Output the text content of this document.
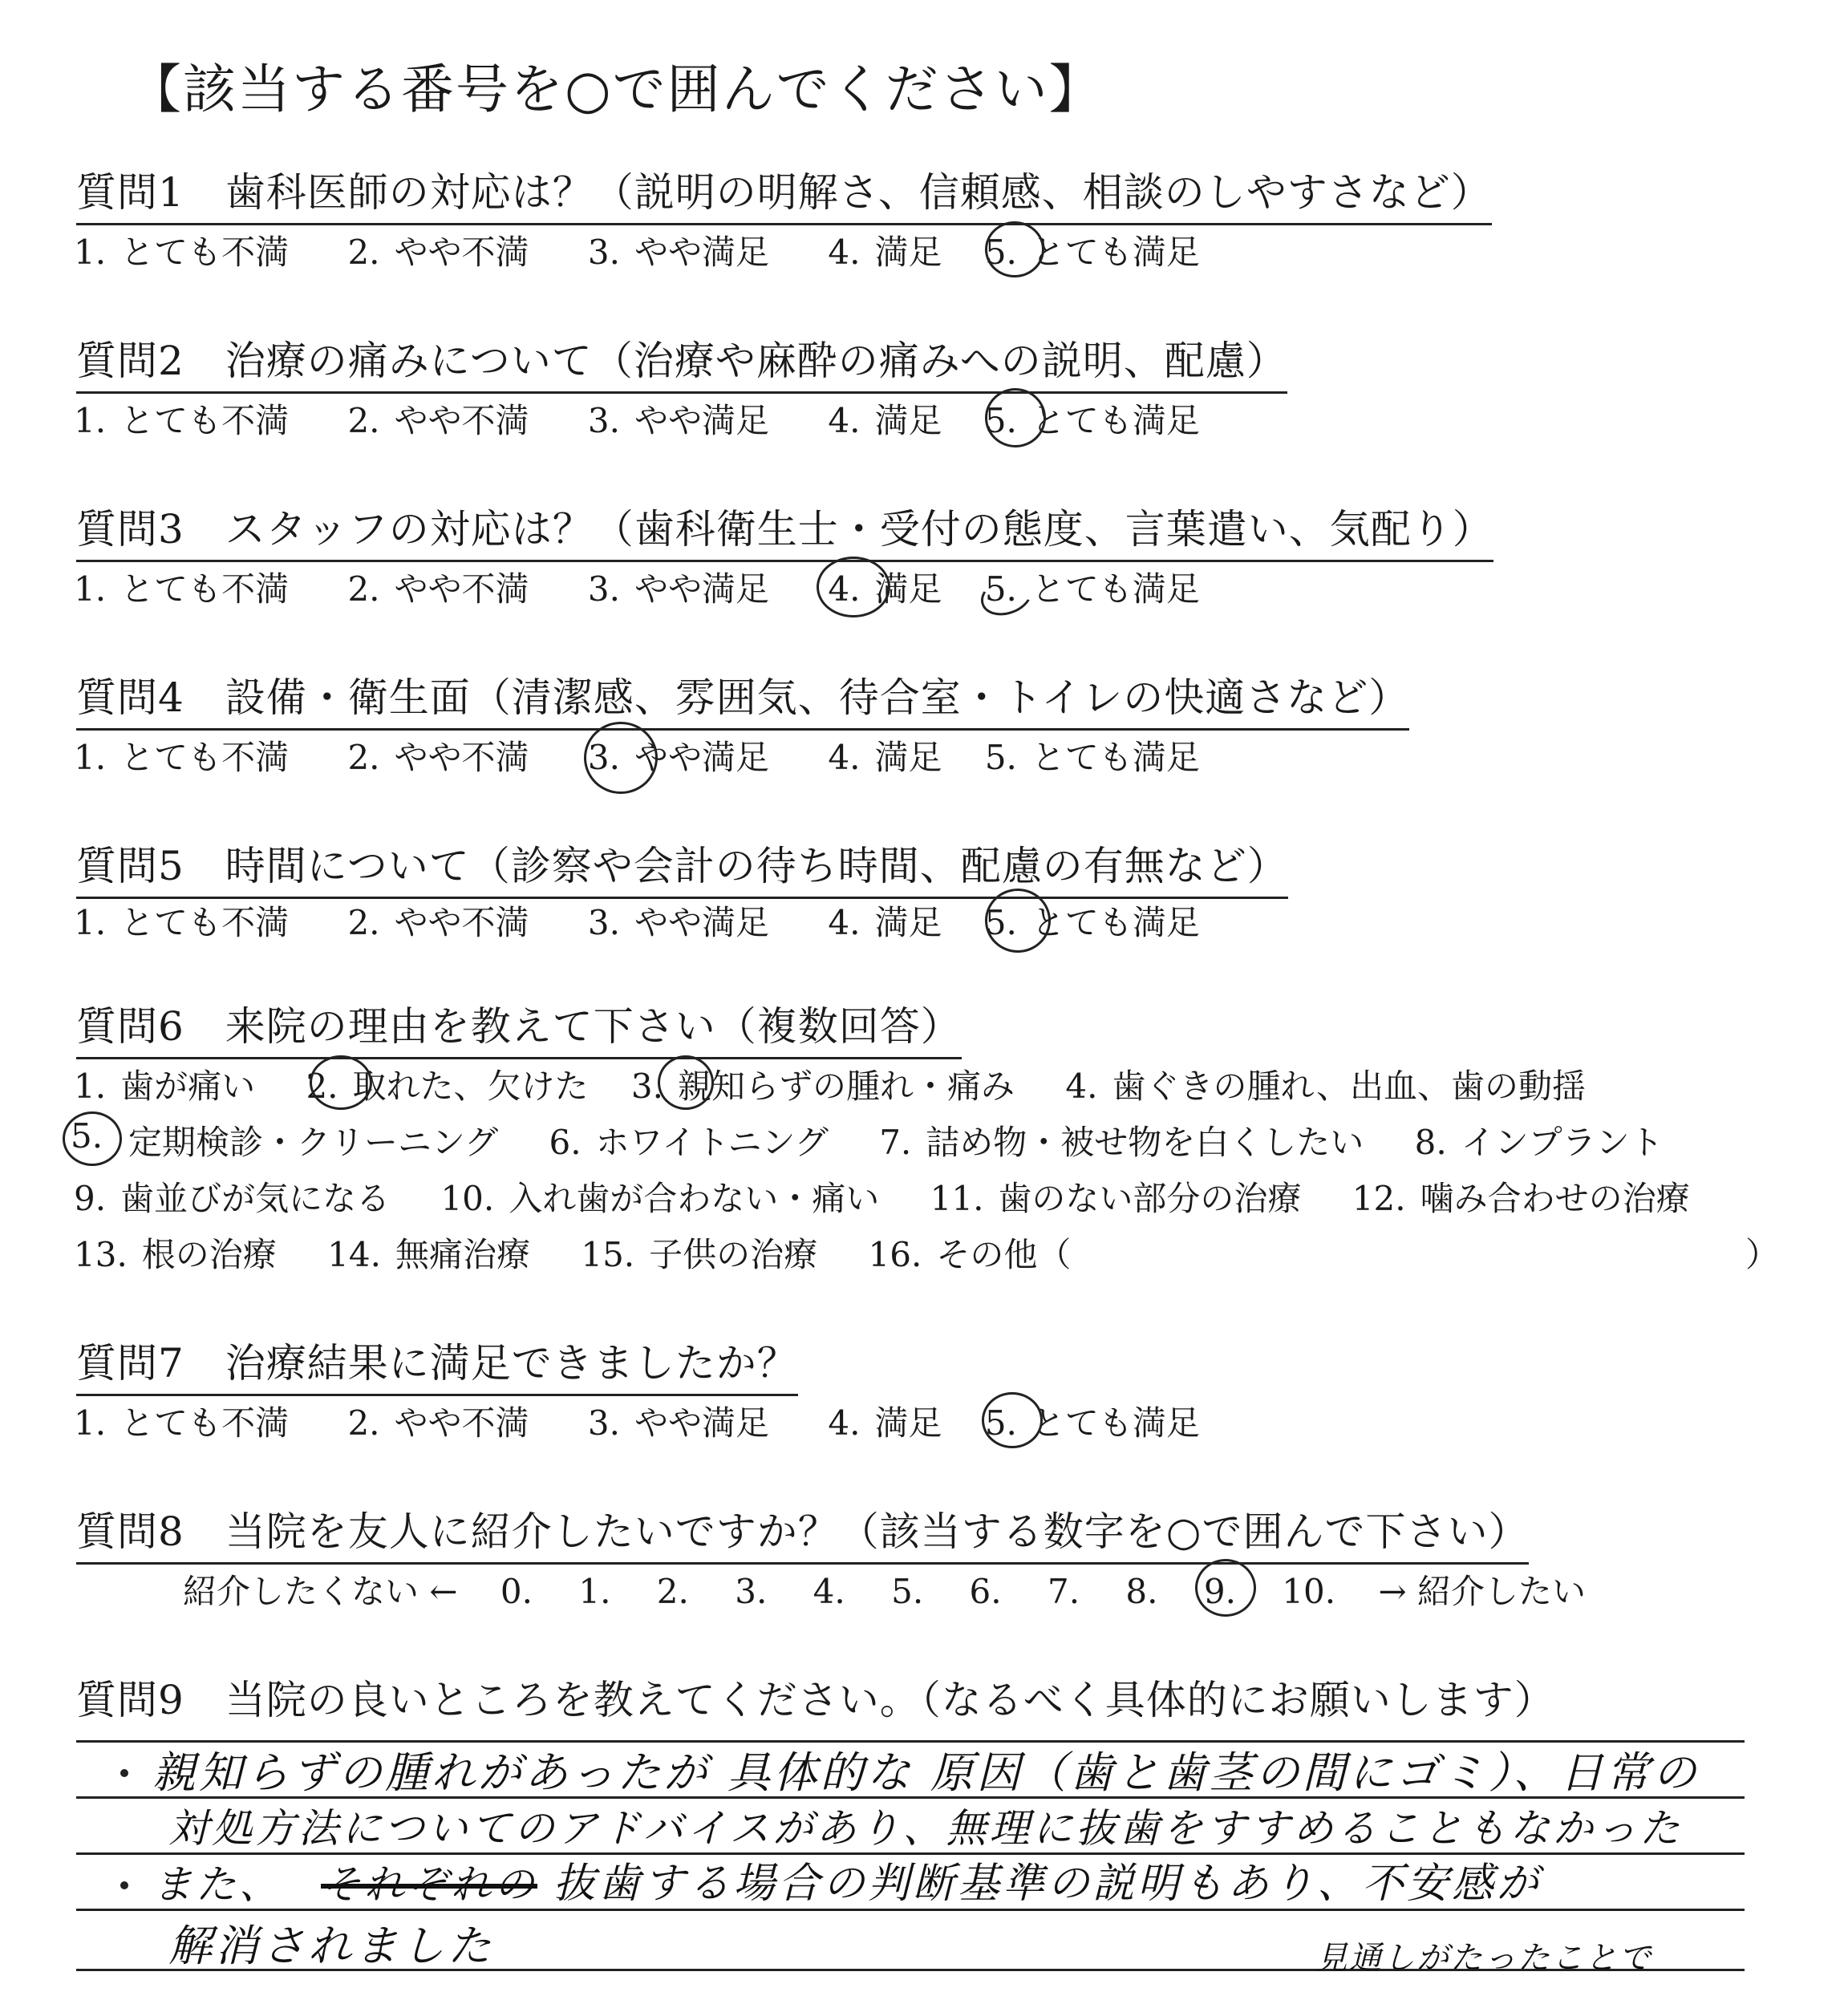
【該当する番号を○で囲んでください】
質問1　歯科医師の対応は？（説明の明解さ、信頼感、相談のしやすさなど）
1. とても不満 2. やや不満 3. やや満足 4. 満足 5. とても満足
質問2　治療の痛みについて（治療や麻酔の痛みへの説明、配慮）
1. とても不満 2. やや不満 3. やや満足 4. 満足 5. とても満足
質問3　スタッフの対応は？（歯科衛生士・受付の態度、言葉遣い、気配り）
1. とても不満 2. やや不満 3. やや満足 4. 満足 5. とても満足
質問4　設備・衛生面（清潔感、雰囲気、待合室・トイレの快適さなど）
1. とても不満 2. やや不満 3. やや満足 4. 満足 5. とても満足
質問5　時間について（診察や会計の待ち時間、配慮の有無など）
1. とても不満 2. やや不満 3. やや満足 4. 満足 5. とても満足
質問6　来院の理由を教えて下さい（複数回答）
1. 歯が痛い 2. 取れた、欠けた 3. 親知らずの腫れ・痛み 4. 歯ぐきの腫れ、出血、歯の動揺
5. 定期検診・クリーニング 6. ホワイトニング 7. 詰め物・被せ物を白くしたい 8. インプラント
9. 歯並びが気になる 10. 入れ歯が合わない・痛い 11. 歯のない部分の治療 12. 噛み合わせの治療
13. 根の治療 14. 無痛治療 15. 子供の治療 16. その他（	）
質問7　治療結果に満足できましたか？
1. とても不満 2. やや不満 3. やや満足 4. 満足 5. とても満足
質問8　当院を友人に紹介したいですか？（該当する数字を○で囲んで下さい）
紹介したくない ← 0. 1. 2. 3. 4. 5. 6. 7. 8. 9. 10. → 紹介したい
質問9　当院の良いところを教えてください。（なるべく具体的にお願いします）
親知らずの腫れがあったが 具体的な 原因（歯と歯茎の間にゴミ）、日常の
対処方法についてのアドバイスがあり、無理に抜歯をすすめることもなかった
また、 それぞれの 抜歯する場合の判断基準の説明もあり、不安感が
解消されました	見通しがたったことで
